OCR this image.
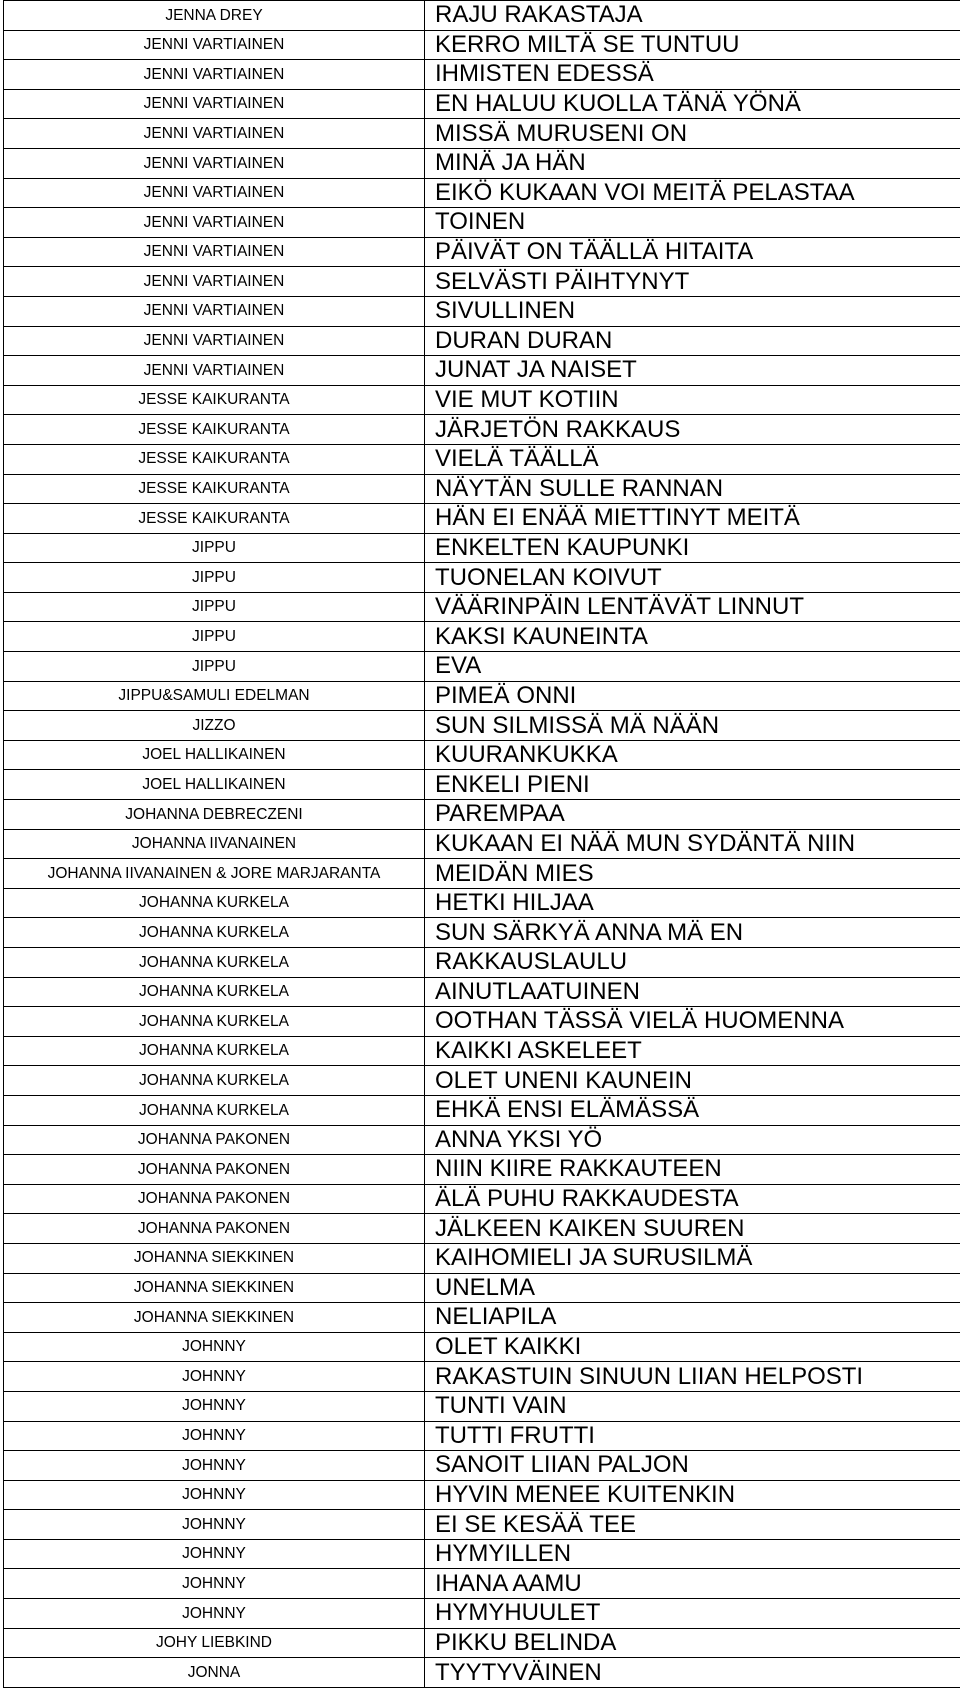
JENNA DREY	RAJU RAKASTAJA
JENNI VARTIAINEN	KERRO MILTÄ SE TUNTUU
JENNI VARTIAINEN	IHMISTEN EDESSÄ
JENNI VARTIAINEN	EN HALUU KUOLLA TÄNÄ YÖNÄ
JENNI VARTIAINEN	MISSÄ MURUSENI ON
JENNI VARTIAINEN	MINÄ JA HÄN
JENNI VARTIAINEN	EIKÖ KUKAAN VOI MEITÄ PELASTAA
JENNI VARTIAINEN	TOINEN
JENNI VARTIAINEN	PÄIVÄT ON TÄÄLLÄ HITAITA
JENNI VARTIAINEN	SELVÄSTI PÄIHTYNYT
JENNI VARTIAINEN	SIVULLINEN
JENNI VARTIAINEN	DURAN DURAN
JENNI VARTIAINEN	JUNAT JA NAISET
JESSE KAIKURANTA	VIE MUT KOTIIN
JESSE KAIKURANTA	JÄRJETÖN RAKKAUS
JESSE KAIKURANTA	VIELÄ TÄÄLLÄ
JESSE KAIKURANTA	NÄYTÄN SULLE RANNAN
JESSE KAIKURANTA	HÄN EI ENÄÄ MIETTINYT MEITÄ
JIPPU	ENKELTEN KAUPUNKI
JIPPU	TUONELAN KOIVUT
JIPPU	VÄÄRINPÄIN LENTÄVÄT LINNUT
JIPPU	KAKSI KAUNEINTA
JIPPU	EVA
JIPPU&SAMULI EDELMAN	PIMEÄ ONNI
JIZZO	SUN SILMISSÄ MÄ NÄÄN
JOEL HALLIKAINEN	KUURANKUKKA
JOEL HALLIKAINEN	ENKELI PIENI
JOHANNA DEBRECZENI	PAREMPAA
JOHANNA IIVANAINEN	KUKAAN EI NÄÄ MUN SYDÄNTÄ NIIN
JOHANNA IIVANAINEN & JORE MARJARANTA	MEIDÄN MIES
JOHANNA KURKELA	HETKI HILJAA
JOHANNA KURKELA	SUN SÄRKYÄ ANNA MÄ EN
JOHANNA KURKELA	RAKKAUSLAULU
JOHANNA KURKELA	AINUTLAATUINEN
JOHANNA KURKELA	OOTHAN TÄSSÄ VIELÄ HUOMENNA
JOHANNA KURKELA	KAIKKI ASKELEET
JOHANNA KURKELA	OLET UNENI KAUNEIN
JOHANNA KURKELA	EHKÄ ENSI ELÄMÄSSÄ
JOHANNA PAKONEN	ANNA YKSI YÖ
JOHANNA PAKONEN	NIIN KIIRE RAKKAUTEEN
JOHANNA PAKONEN	ÄLÄ PUHU RAKKAUDESTA
JOHANNA PAKONEN	JÄLKEEN KAIKEN SUUREN
JOHANNA SIEKKINEN	KAIHOMIELI JA SURUSILMÄ
JOHANNA SIEKKINEN	UNELMA
JOHANNA SIEKKINEN	NELIAPILA
JOHNNY	OLET KAIKKI
JOHNNY	RAKASTUIN SINUUN LIIAN HELPOSTI
JOHNNY	TUNTI VAIN
JOHNNY	TUTTI FRUTTI
JOHNNY	SANOIT LIIAN PALJON
JOHNNY	HYVIN MENEE KUITENKIN
JOHNNY	EI SE KESÄÄ TEE
JOHNNY	HYMYILLEN
JOHNNY	IHANA AAMU
JOHNNY	HYMYHUULET
JOHY LIEBKIND	PIKKU BELINDA
JONNA	TYYTYVÄINEN
